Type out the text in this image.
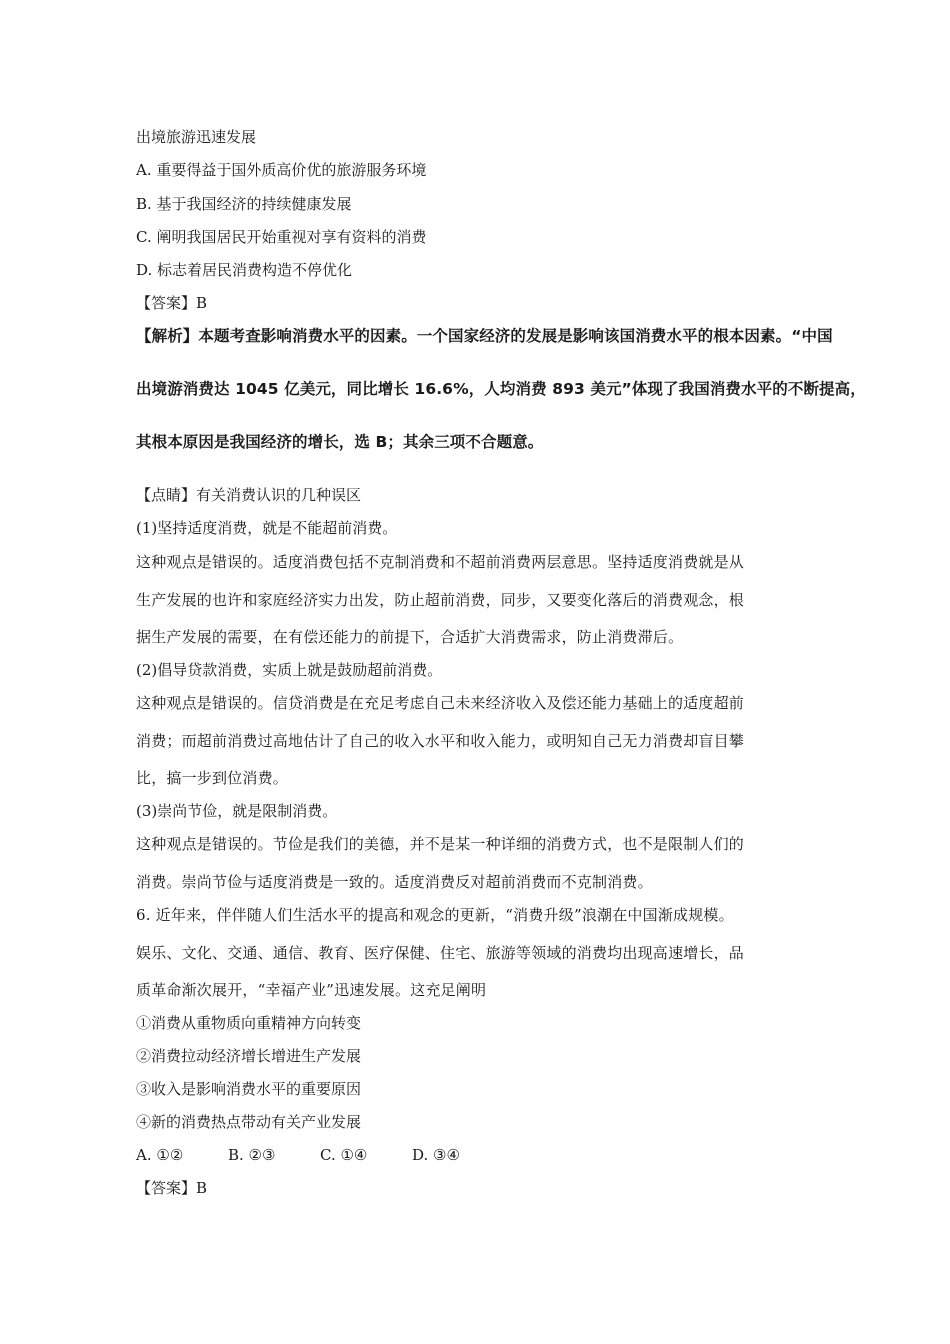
出境旅游迅速发展
A. 重要得益于国外质高价优的旅游服务环境
B. 基于我国经济的持续健康发展
C. 阐明我国居民开始重视对享有资料的消费
D. 标志着居民消费构造不停优化
【答案】B
【解析】本题考查影响消费水平的因素。一个国家经济的发展是影响该国消费水平的根本因素。“中国
出境游消费达 1045 亿美元，同比增长 16.6%，人均消费 893 美元”体现了我国消费水平的不断提高，
其根本原因是我国经济的增长，选 B；其余三项不合题意。
【点睛】有关消费认识的几种误区
(1)坚持适度消费，就是不能超前消费。
这种观点是错误的。适度消费包括不克制消费和不超前消费两层意思。坚持适度消费就是从
生产发展的也许和家庭经济实力出发，防止超前消费，同步，又要变化落后的消费观念，根
据生产发展的需要，在有偿还能力的前提下，合适扩大消费需求，防止消费滞后。
(2)倡导贷款消费，实质上就是鼓励超前消费。
这种观点是错误的。信贷消费是在充足考虑自己未来经济收入及偿还能力基础上的适度超前
消费；而超前消费过高地估计了自己的收入水平和收入能力，或明知自己无力消费却盲目攀
比，搞一步到位消费。
(3)崇尚节俭，就是限制消费。
这种观点是错误的。节俭是我们的美德，并不是某一种详细的消费方式，也不是限制人们的
消费。崇尚节俭与适度消费是一致的。适度消费反对超前消费而不克制消费。
6. 近年来，伴伴随人们生活水平的提高和观念的更新，“消费升级”浪潮在中国渐成规模。
娱乐、文化、交通、通信、教育、医疗保健、住宅、旅游等领域的消费均出现高速增长，品
质革命渐次展开，“幸福产业”迅速发展。这充足阐明
①消费从重物质向重精神方向转变
②消费拉动经济增长增进生产发展
③收入是影响消费水平的重要原因
④新的消费热点带动有关产业发展
A. ①②	B. ②③	C. ①④	D. ③④
【答案】B
